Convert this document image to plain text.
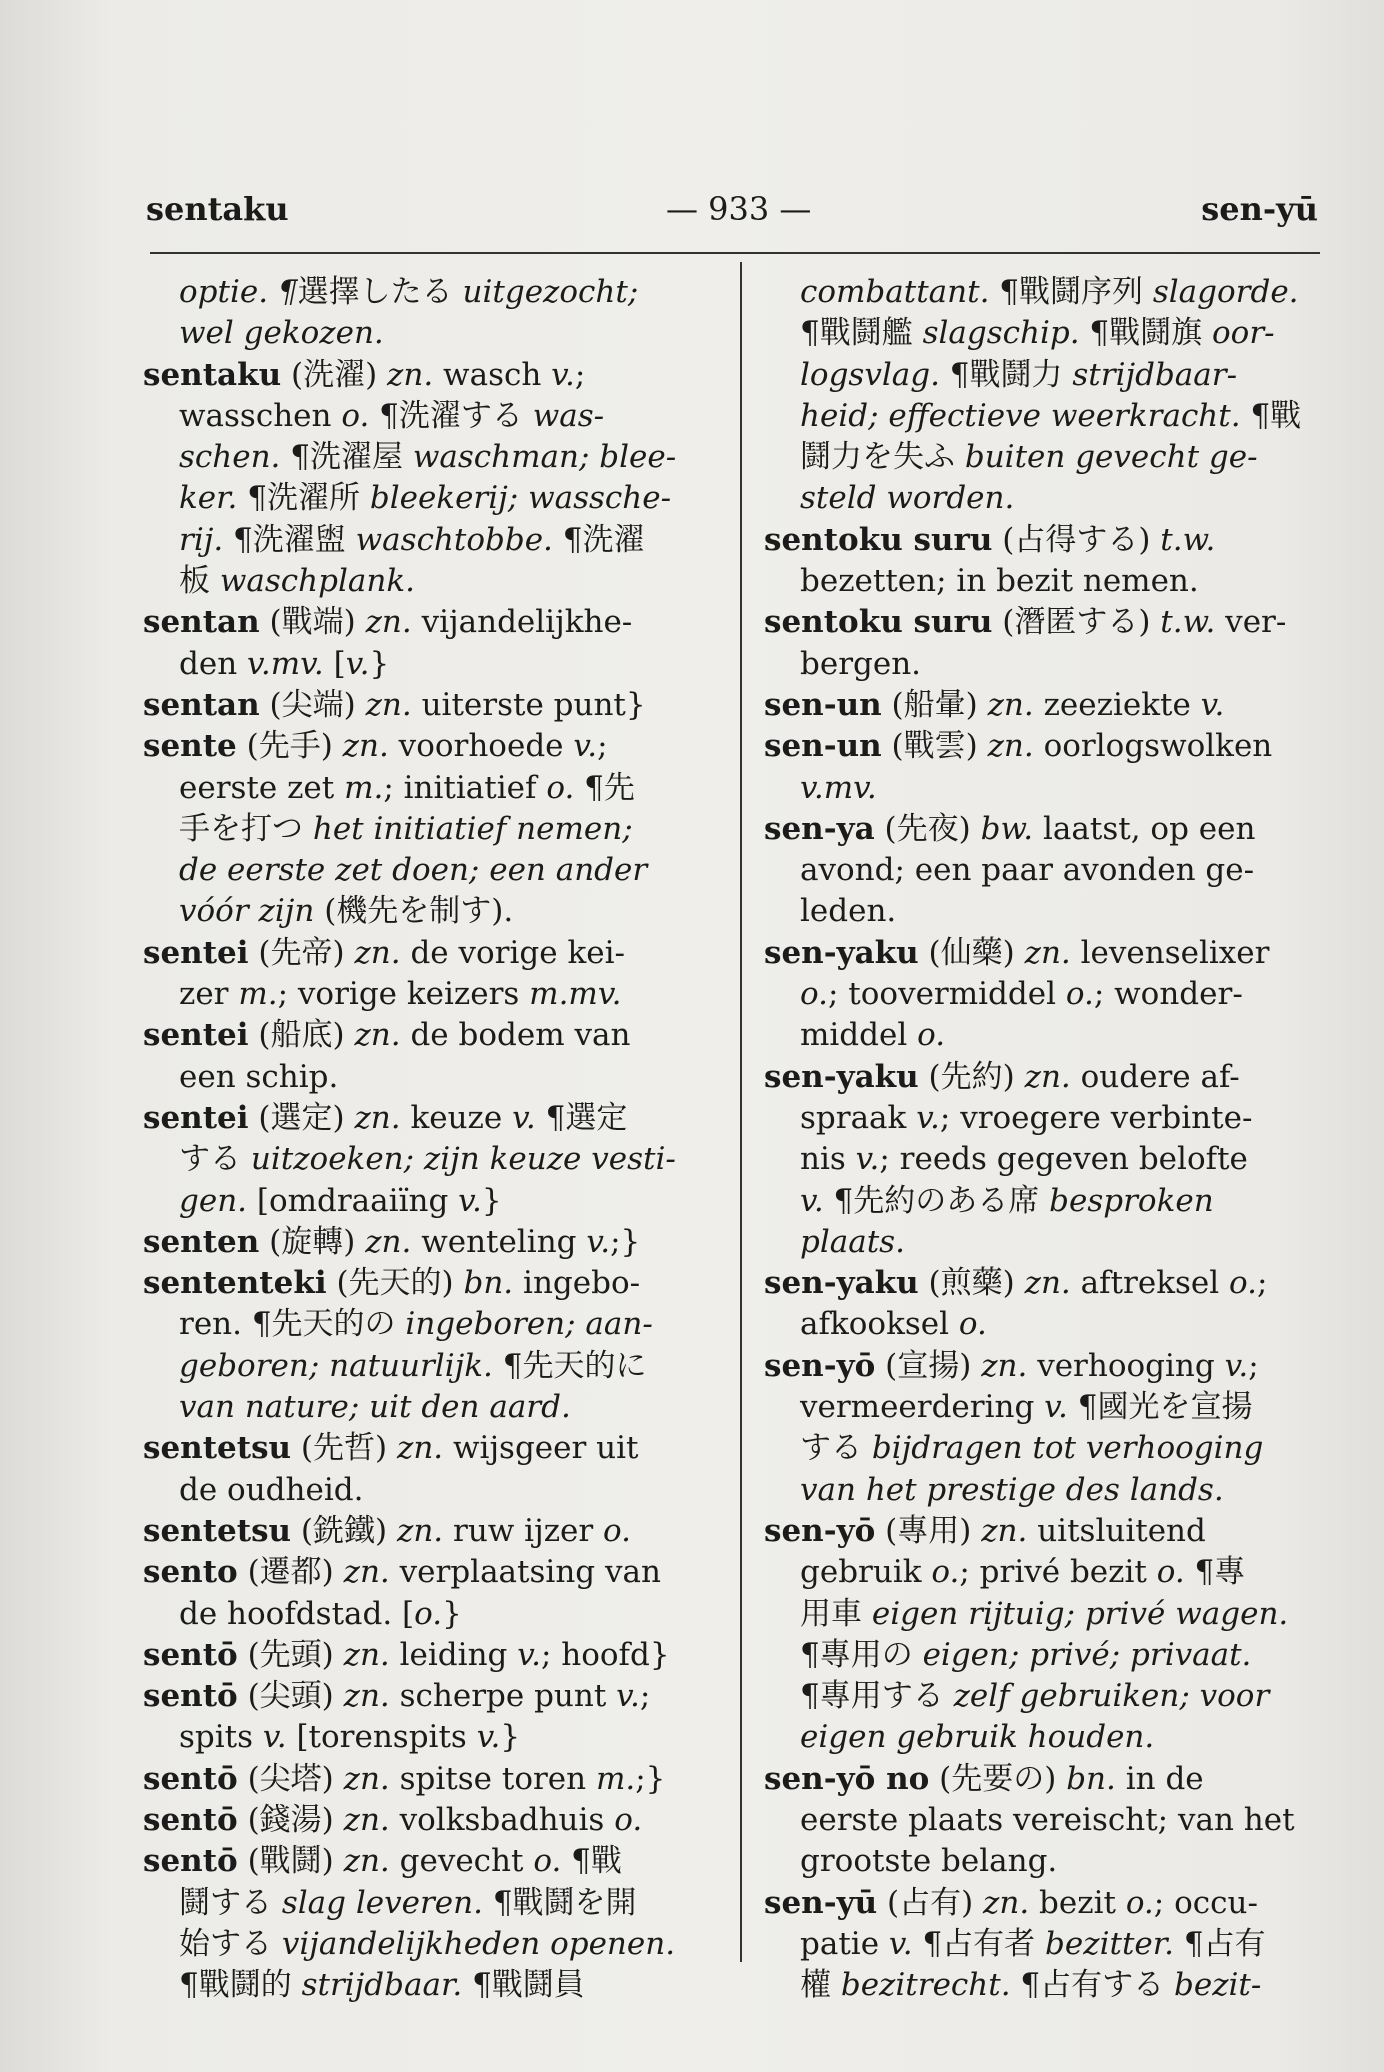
sentaku	— 933 —	sen-yū
optie. ¶選擇したる uitgezocht;
wel gekozen.
sentaku (洗濯) zn. wasch v.;
wasschen o. ¶洗濯する was-
schen. ¶洗濯屋 waschman; blee-
ker. ¶洗濯所 bleekerij; wassche-
rij. ¶洗濯盥 waschtobbe. ¶洗濯
板 waschplank.
sentan (戰端) zn. vijandelijkhe-
den v.mv. [v.}
sentan (尖端) zn. uiterste punt}
sente (先手) zn. voorhoede v.;
eerste zet m.; initiatief o. ¶先
手を打つ het initiatief nemen;
de eerste zet doen; een ander
vóór zijn (機先を制す).
sentei (先帝) zn. de vorige kei-
zer m.; vorige keizers m.mv.
sentei (船底) zn. de bodem van
een schip.
sentei (選定) zn. keuze v. ¶選定
する uitzoeken; zijn keuze vesti-
gen. [omdraaiïng v.}
senten (旋轉) zn. wenteling v.;}
sententeki (先天的) bn. ingebo-
ren. ¶先天的の ingeboren; aan-
geboren; natuurlijk. ¶先天的に
van nature; uit den aard.
sentetsu (先哲) zn. wijsgeer uit
de oudheid.
sentetsu (銑鐵) zn. ruw ijzer o.
sento (遷都) zn. verplaatsing van
de hoofdstad. [o.}
sentō (先頭) zn. leiding v.; hoofd}
sentō (尖頭) zn. scherpe punt v.;
spits v. [torenspits v.}
sentō (尖塔) zn. spitse toren m.;}
sentō (錢湯) zn. volksbadhuis o.
sentō (戰鬪) zn. gevecht o. ¶戰
鬪する slag leveren. ¶戰鬪を開
始する vijandelijkheden openen.
¶戰鬪的 strijdbaar. ¶戰鬪員
combattant. ¶戰鬪序列 slagorde.
¶戰鬪艦 slagschip. ¶戰鬪旗 oor-
logsvlag. ¶戰鬪力 strijdbaar-
heid; effectieve weerkracht. ¶戰
鬪力を失ふ buiten gevecht ge-
steld worden.
sentoku suru (占得する) t.w.
bezetten; in bezit nemen.
sentoku suru (潛匿する) t.w. ver-
bergen.
sen-un (船暈) zn. zeeziekte v.
sen-un (戰雲) zn. oorlogswolken
v.mv.
sen-ya (先夜) bw. laatst, op een
avond; een paar avonden ge-
leden.
sen-yaku (仙藥) zn. levenselixer
o.; toovermiddel o.; wonder-
middel o.
sen-yaku (先約) zn. oudere af-
spraak v.; vroegere verbinte-
nis v.; reeds gegeven belofte
v. ¶先約のある席 besproken
plaats.
sen-yaku (煎藥) zn. aftreksel o.;
afkooksel o.
sen-yō (宣揚) zn. verhooging v.;
vermeerdering v. ¶國光を宣揚
する bijdragen tot verhooging
van het prestige des lands.
sen-yō (專用) zn. uitsluitend
gebruik o.; privé bezit o. ¶專
用車 eigen rijtuig; privé wagen.
¶專用の eigen; privé; privaat.
¶專用する zelf gebruiken; voor
eigen gebruik houden.
sen-yō no (先要の) bn. in de
eerste plaats vereischt; van het
grootste belang.
sen-yū (占有) zn. bezit o.; occu-
patie v. ¶占有者 bezitter. ¶占有
權 bezitrecht. ¶占有する bezit-
